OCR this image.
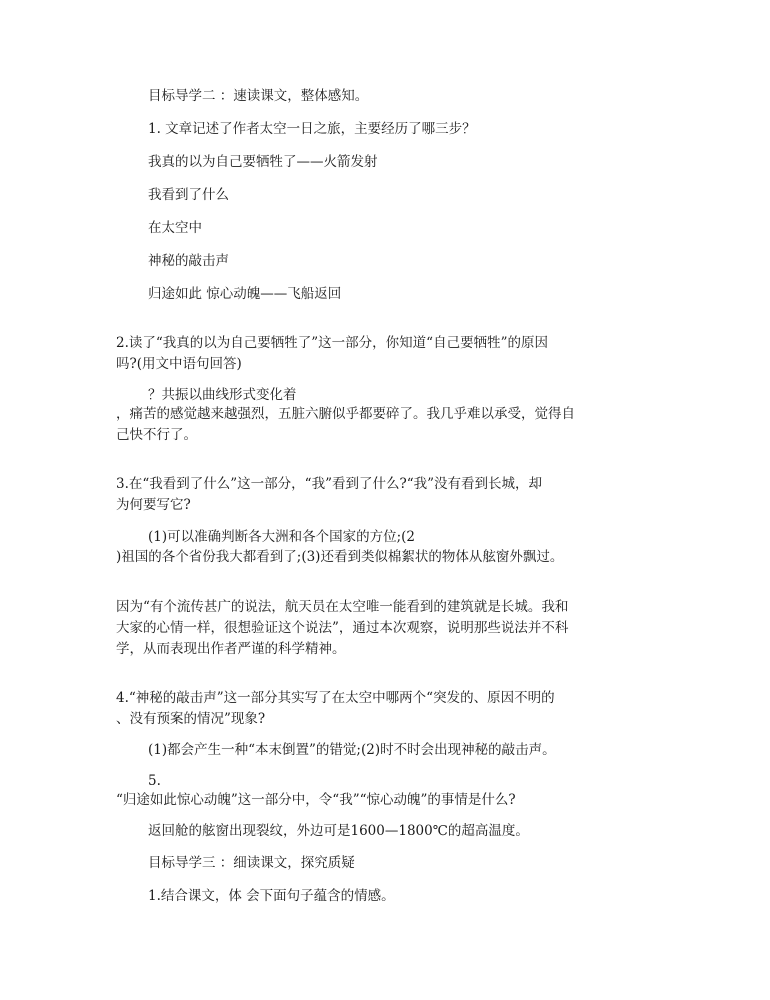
目标导学二 ：速读课文，整体感知。
1. 文章记述了作者太空一日之旅，主要经历了哪三步？
我真的以为自己要牺牲了——火箭发射
我看到了什么
在太空中
神秘的敲击声
归途如此 惊心动魄——飞船返回
2.读了“我真的以为自己要牺牲了”这一部分，你知道“自己要牺牲”的原因
吗?(用文中语句回答)
？共振以曲线形式变化着
，痛苦的感觉越来越强烈，五脏六腑似乎都要碎了。我几乎难以承受，觉得自
己快不行了。
3.在“我看到了什么”这一部分，“我”看到了什么?“我”没有看到长城，却
为何要写它?
(1)可以准确判断各大洲和各个国家的方位;(2
)祖国的各个省份我大都看到了;(3)还看到类似棉絮状的物体从舷窗外飘过。
因为“有个流传甚广的说法，航天员在太空唯一能看到的建筑就是长城。我和
大家的心情一样，很想验证这个说法”，通过本次观察，说明那些说法并不科
学，从而表现出作者严谨的科学精神。
4.“神秘的敲击声”这一部分其实写了在太空中哪两个“突发的、原因不明的
、没有预案的情况”现象?
(1)都会产生一种“本末倒置”的错觉;(2)时不时会出现神秘的敲击声。
5.
“归途如此惊心动魄”这一部分中，令“我”“惊心动魄”的事情是什么?
返回舱的舷窗出现裂纹，外边可是1600—1800℃的超高温度。
目标导学三 ：细读课文，探究质疑
1.结合课文，体 会下面句子蕴含的情感。
